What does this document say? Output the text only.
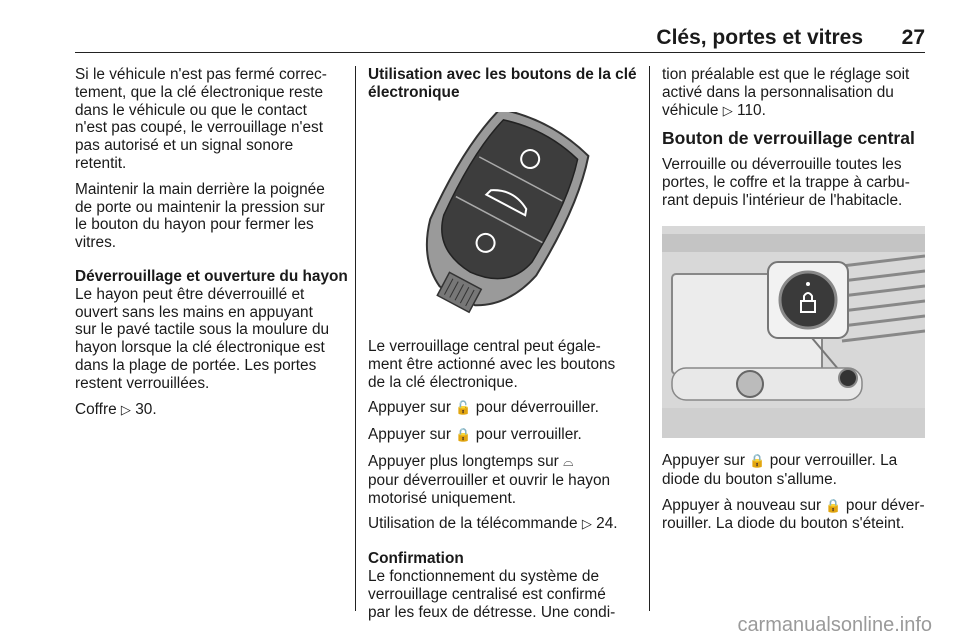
Clés, portes et vitres 27

Si le véhicule n'est pas fermé correc-
tement, que la clé électronique reste
dans le véhicule ou que le contact
n'est pas coupé, le verrouillage n'est
pas autorisé et un signal sonore
retentit.

Maintenir la main derrière la poignée
de porte ou maintenir la pression sur
le bouton du hayon pour fermer les
vitres.

Déverrouillage et ouverture du hayon

Le hayon peut être déverrouillé et
ouvert sans les mains en appuyant
sur le pavé tactile sous la moulure du
hayon lorsque la clé électronique est
dans la plage de portée. Les portes
restent verrouillées.

Coffre ▷ 30.

Utilisation avec les boutons de la clé
électronique

Le verrouillage central peut égale-
ment être actionné avec les boutons
de la clé électronique.

Appuyer sur 🔓 pour déverrouiller.

Appuyer sur 🔒 pour verrouiller.

Appuyer plus longtemps sur ⌓
pour déverrouiller et ouvrir le hayon
motorisé uniquement.

Utilisation de la télécommande ▷ 24.

Confirmation

Le fonctionnement du système de
verrouillage centralisé est confirmé
par les feux de détresse. Une condi-

tion préalable est que le réglage soit
activé dans la personnalisation du
véhicule ▷ 110.

Bouton de verrouillage central

Verrouille ou déverrouille toutes les
portes, le coffre et la trappe à carbu-
rant depuis l'intérieur de l'habitacle.

Appuyer sur 🔒 pour verrouiller. La
diode du bouton s'allume.

Appuyer à nouveau sur 🔒 pour déver-
rouiller. La diode du bouton s'éteint.

carmanualsonline.info
